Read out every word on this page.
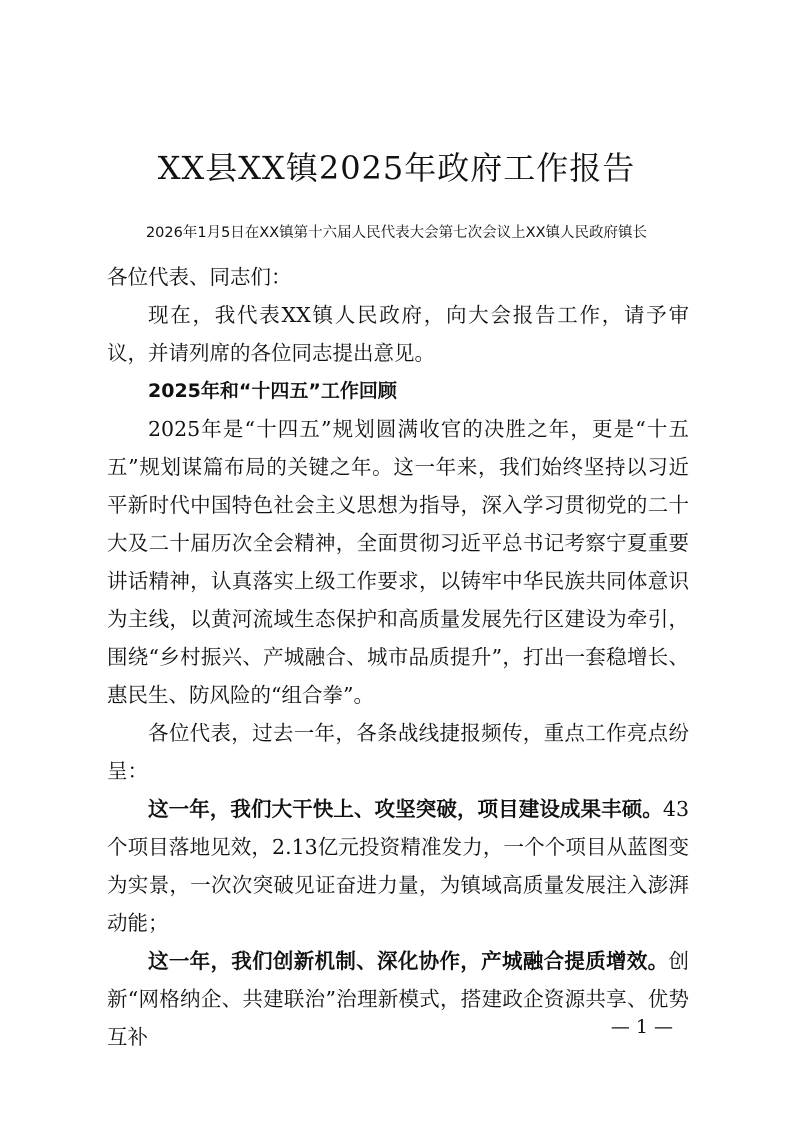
XX县XX镇2025年政府工作报告
2026年1月5日在XX镇第十六届人民代表大会第七次会议上XX镇人民政府镇长

各位代表、同志们：

现在，我代表XX镇人民政府，向大会报告工作，请予审议，并请列席的各位同志提出意见。

2025年和“十四五”工作回顾

2025年是“十四五”规划圆满收官的决胜之年，更是“十五五”规划谋篇布局的关键之年。这一年来，我们始终坚持以习近平新时代中国特色社会主义思想为指导，深入学习贯彻党的二十大及二十届历次全会精神，全面贯彻习近平总书记考察宁夏重要讲话精神，认真落实上级工作要求，以铸牢中华民族共同体意识为主线，以黄河流域生态保护和高质量发展先行区建设为牵引，围绕“乡村振兴、产城融合、城市品质提升”，打出一套稳增长、惠民生、防风险的“组合拳”。

各位代表，过去一年，各条战线捷报频传，重点工作亮点纷呈：

这一年，我们大干快上、攻坚突破，项目建设成果丰硕。43个项目落地见效，2.13亿元投资精准发力，一个个项目从蓝图变为实景，一次次突破见证奋进力量，为镇域高质量发展注入澎湃动能；

这一年，我们创新机制、深化协作，产城融合提质增效。创新“网格纳企、共建联治”治理新模式，搭建政企资源共享、优势互补	— 1 —
